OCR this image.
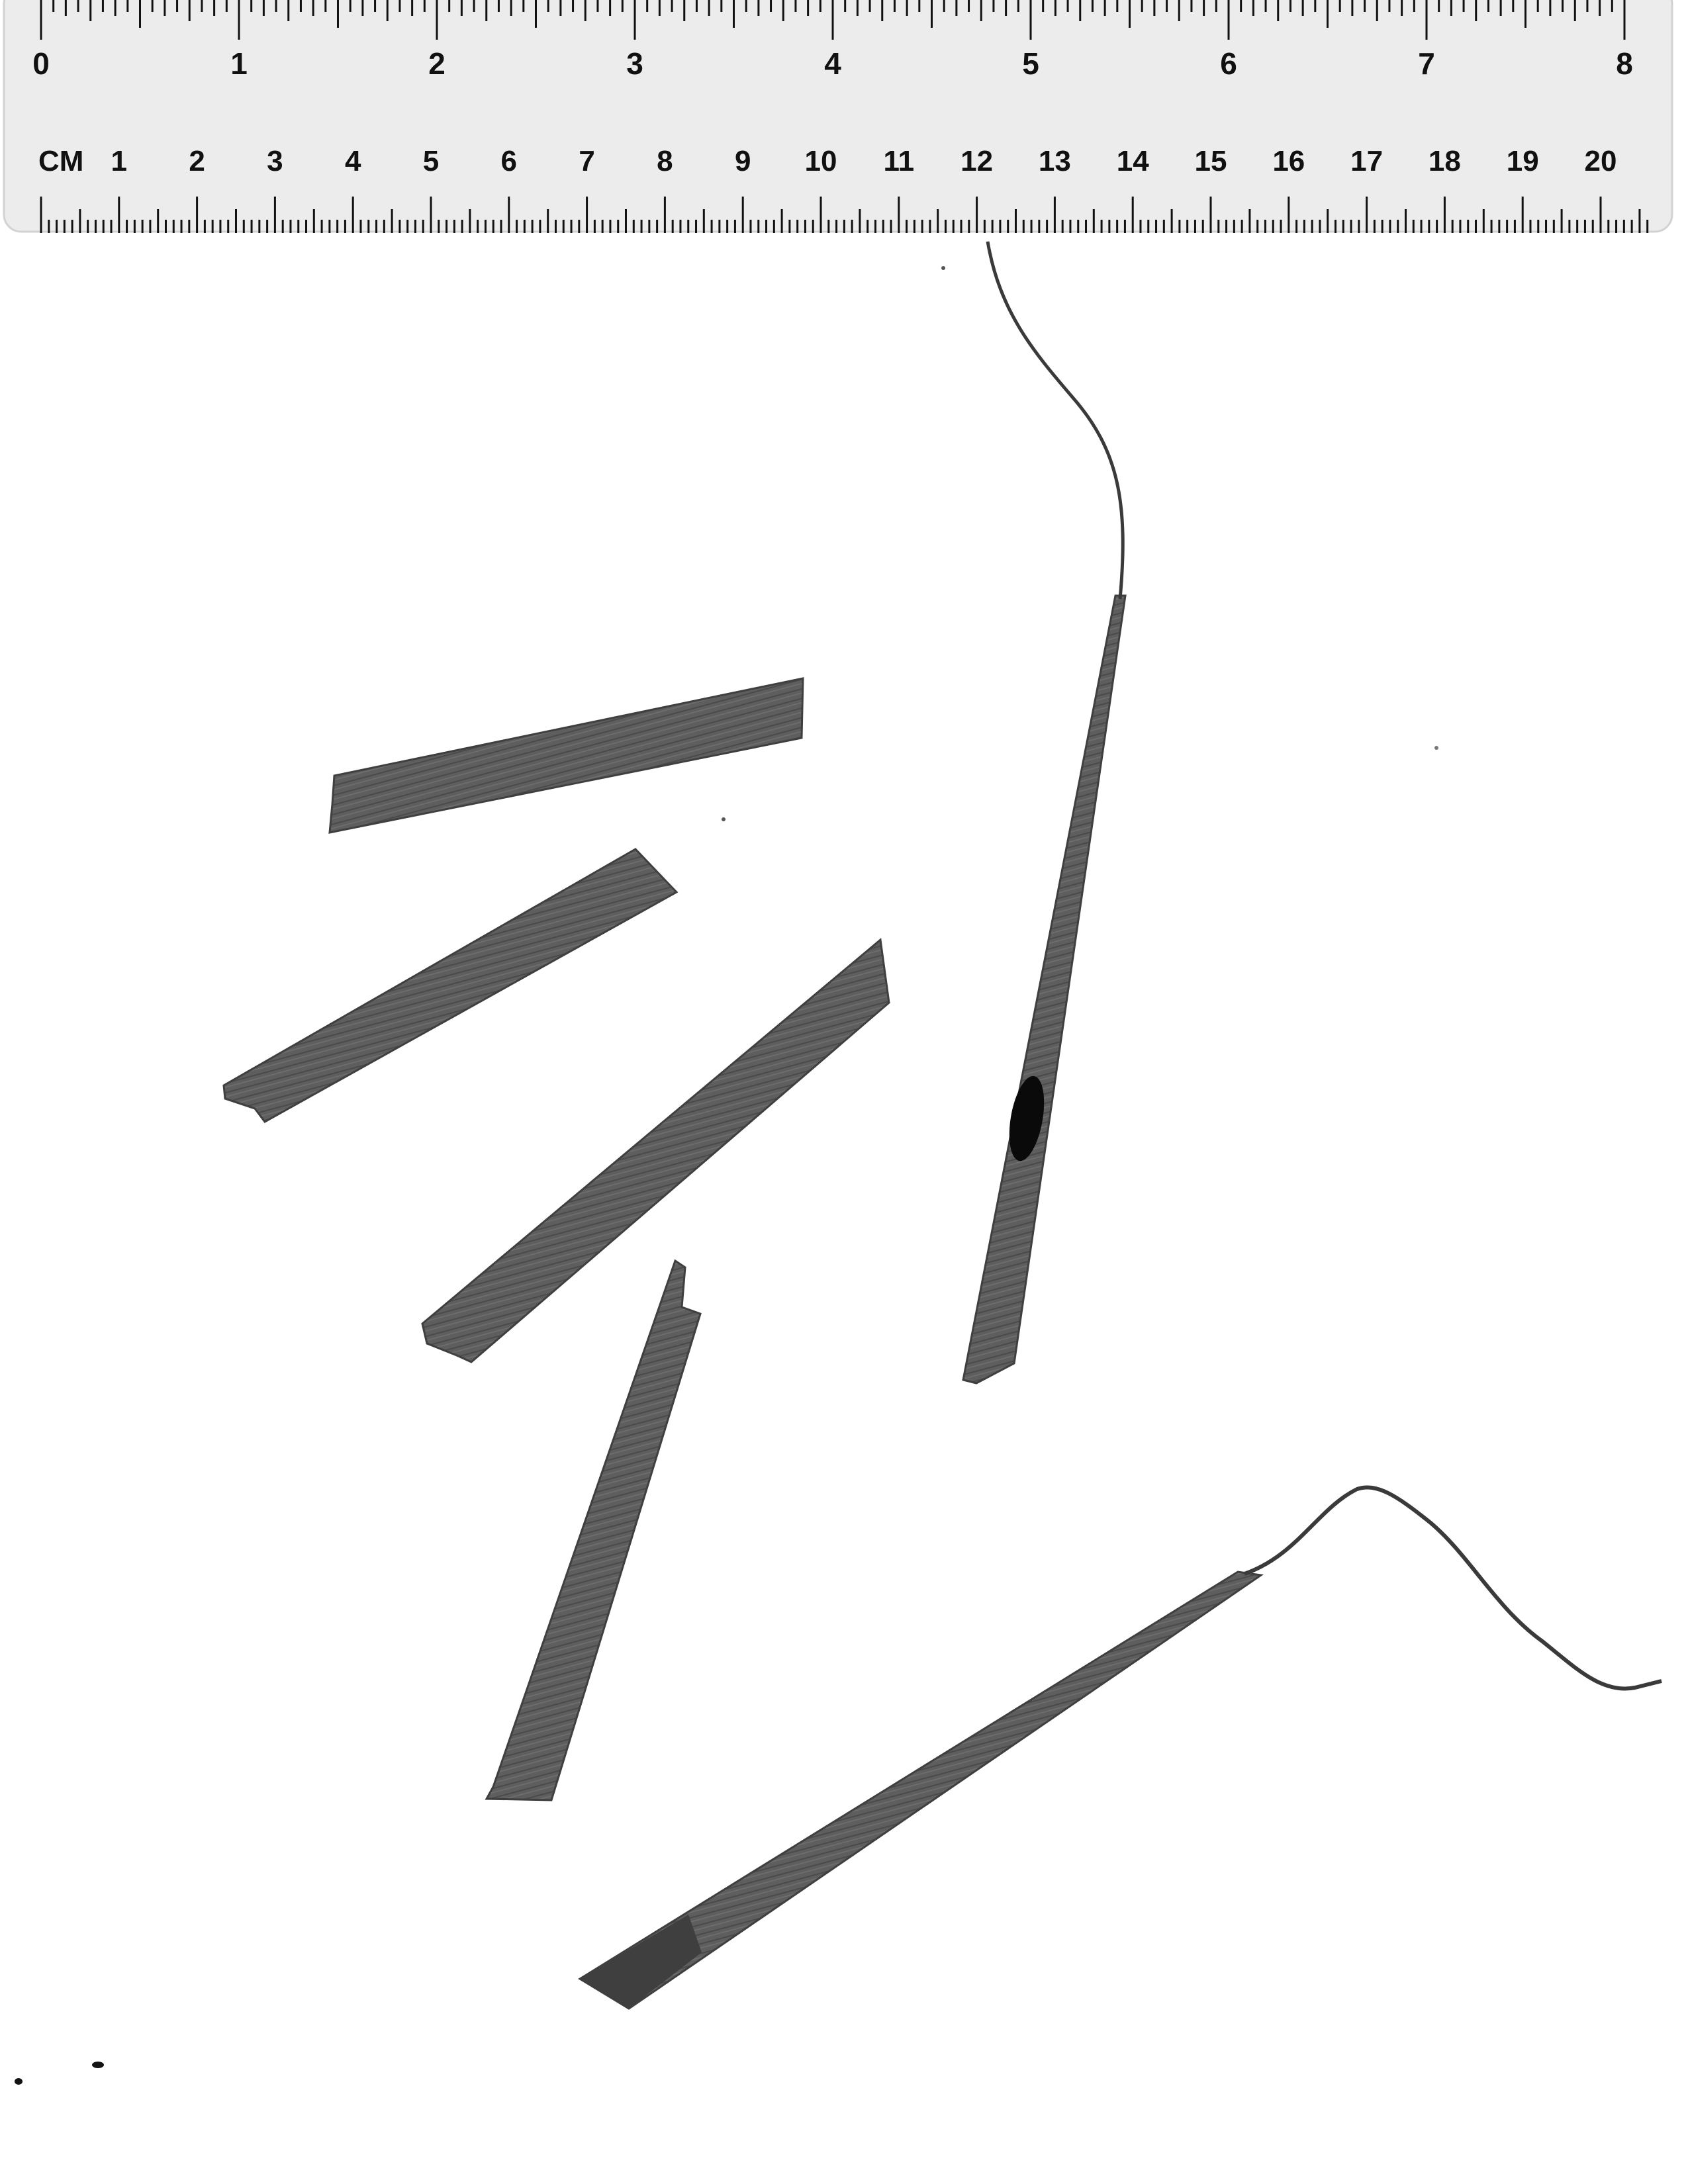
0	1	2	3	4	5	6	7	8
CM 1 2 3 4 5 6 7 8 9 10 11 12 13 14 15 16 17 18 19 20
